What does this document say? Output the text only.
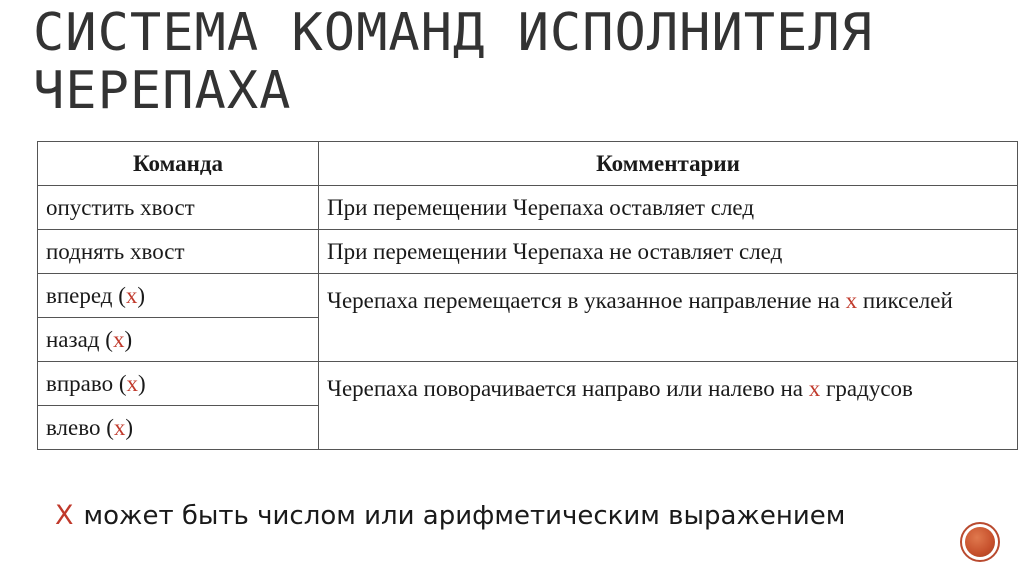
СИСТЕМА КОМАНД ИСПОЛНИТЕЛЯ
ЧЕРЕПАХА
Команда	Комментарии
опустить хвост	При перемещении Черепаха оставляет след
поднять хвост	При перемещении Черепаха не оставляет след
вперед (x)	Черепаха перемещается в указанное направление на x пикселей
назад (x)	
вправо (x)	Черепаха поворачивается направо или налево на x градусов
влево (x)	
X может быть числом или арифметическим выражением
